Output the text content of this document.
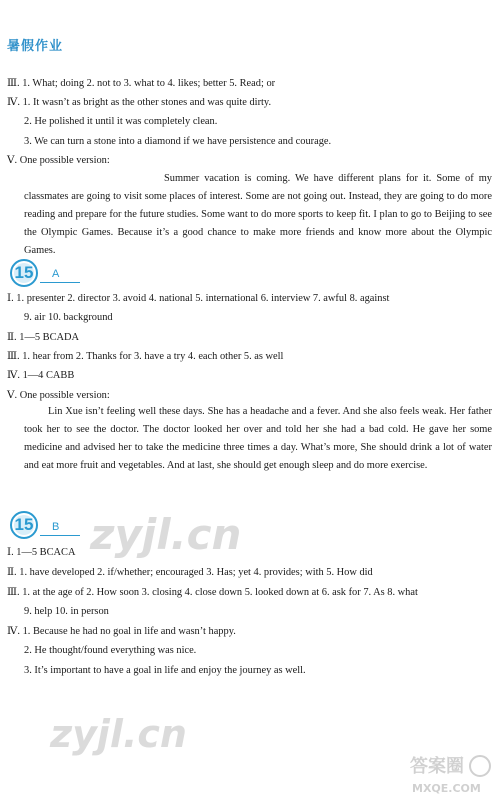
暑假作业
Ⅲ. 1. What; doing 2. not to 3. what to 4. likes; better 5. Read; or
Ⅳ. 1. It wasn’t as bright as the other stones and was quite dirty.
2. He polished it until it was completely clean.
3. We can turn a stone into a diamond if we have persistence and courage.
Ⅴ. One possible version:
Summer vacation is coming. We have different plans for it. Some of my classmates are going to visit some places of interest. Some are not going out. Instead, they are going to do more reading and prepare for the future studies. Some want to do more sports to keep fit. I plan to go to Beijing to see the Olympic Games. Because it’s a good chance to make more friends and know more about the Olympic Games.
15	A
Ⅰ. 1. presenter 2. director 3. avoid 4. national 5. international 6. interview 7. awful 8. against
9. air 10. background
Ⅱ. 1—5 BCADA
Ⅲ. 1. hear from 2. Thanks for 3. have a try 4. each other 5. as well
Ⅳ. 1—4 CABB
Ⅴ. One possible version:
Lin Xue isn’t feeling well these days. She has a headache and a fever. And she also feels weak. Her father took her to see the doctor. The doctor looked her over and told her she had a bad cold. He gave her some medicine and advised her to take the medicine three times a day. What’s more, She should drink a lot of water and eat more fruit and vegetables. And at last, she should get enough sleep and do more exercise.
15	B
Ⅰ. 1—5 BCACA
Ⅱ. 1. have developed 2. if/whether; encouraged 3. Has; yet 4. provides; with 5. How did
Ⅲ. 1. at the age of 2. How soon 3. closing 4. close down 5. looked down at 6. ask for 7. As 8. what
9. help 10. in person
Ⅳ. 1. Because he had no goal in life and wasn’t happy.
2. He thought/found everything was nice.
3. It’s important to have a goal in life and enjoy the journey as well.
zyjl.cn
zyjl.cn
答案圈
MXQE.COM
